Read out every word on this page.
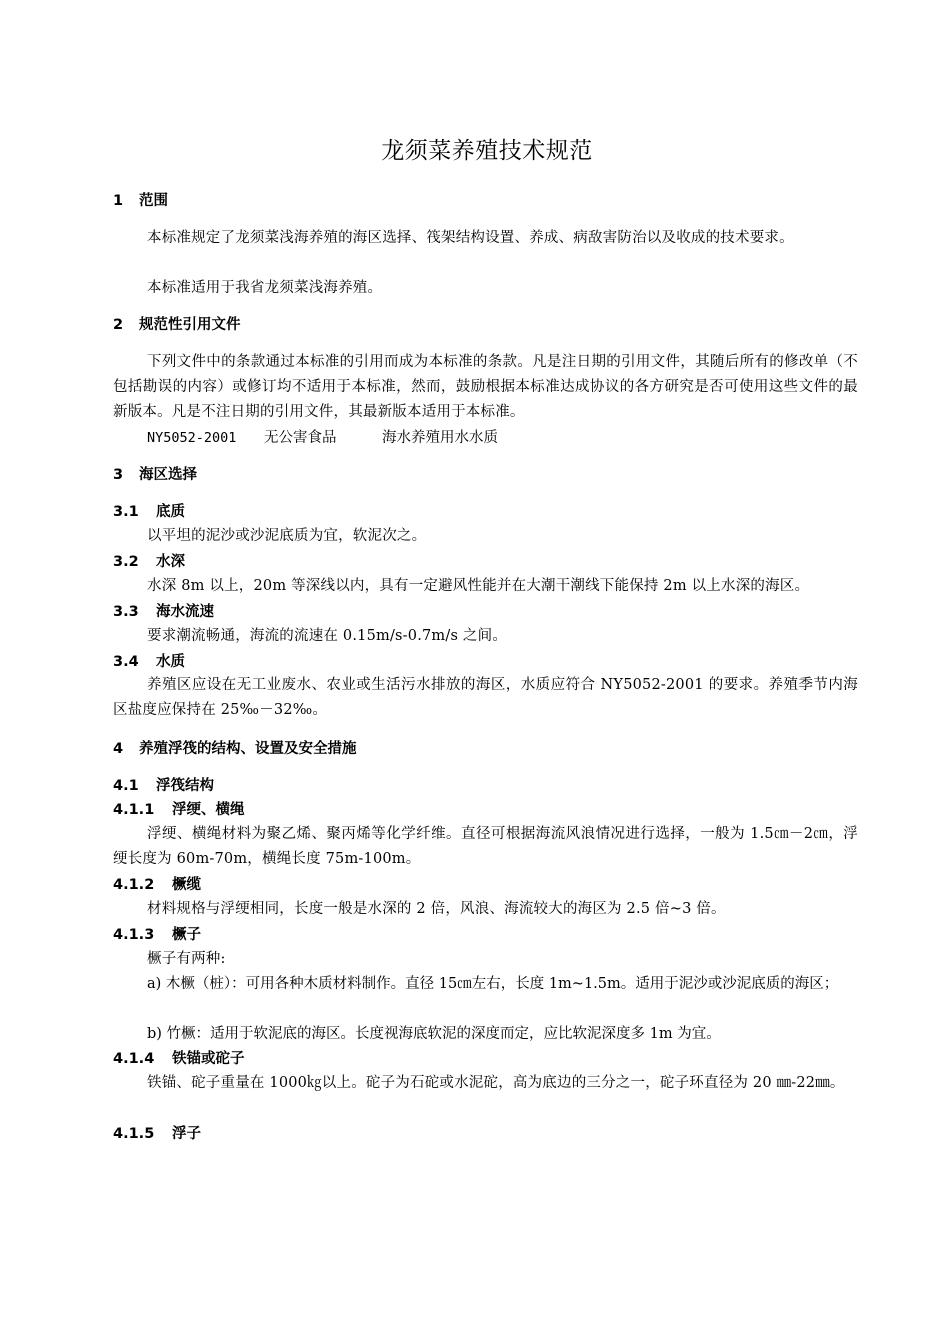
龙须菜养殖技术规范
1 范围
本标准规定了龙须菜浅海养殖的海区选择、筏架结构设置、养成、病敌害防治以及收成的技术要求。
本标准适用于我省龙须菜浅海养殖。
2 规范性引用文件
下列文件中的条款通过本标准的引用而成为本标准的条款。凡是注日期的引用文件，其随后所有的修改单（不包括勘误的内容）或修订均不适用于本标准，然而，鼓励根据本标准达成协议的各方研究是否可使用这些文件的最新版本。凡是不注日期的引用文件，其最新版本适用于本标准。
NY5052-2001 无公害食品	海水养殖用水水质
3 海区选择
3.1 底质
以平坦的泥沙或沙泥底质为宜，软泥次之。
3.2 水深
水深 8m 以上，20m 等深线以内，具有一定避风性能并在大潮干潮线下能保持 2m 以上水深的海区。
3.3 海水流速
要求潮流畅通，海流的流速在 0.15m/s-0.7m/s 之间。
3.4 水质
养殖区应设在无工业废水、农业或生活污水排放的海区，水质应符合 NY5052-2001 的要求。养殖季节内海区盐度应保持在 25‰－32‰。
4 养殖浮筏的结构、设置及安全措施
4.1 浮筏结构
4.1.1 浮绠、横绳
浮绠、横绳材料为聚乙烯、聚丙烯等化学纤维。直径可根据海流风浪情况进行选择，一般为 1.5㎝－2㎝，浮绠长度为 60m-70m，横绳长度 75m-100m。
4.1.2 橛缆
材料规格与浮绠相同，长度一般是水深的 2 倍，风浪、海流较大的海区为 2.5 倍~3 倍。
4.1.3 橛子
橛子有两种:
a) 木橛（桩）：可用各种木质材料制作。直径 15㎝左右，长度 1m~1.5m。适用于泥沙或沙泥底质的海区；
b) 竹橛：适用于软泥底的海区。长度视海底软泥的深度而定，应比软泥深度多 1m 为宜。
4.1.4 铁锚或砣子
铁锚、砣子重量在 1000㎏以上。砣子为石砣或水泥砣，高为底边的三分之一，砣子环直径为 20 ㎜-22㎜。
4.1.5 浮子
